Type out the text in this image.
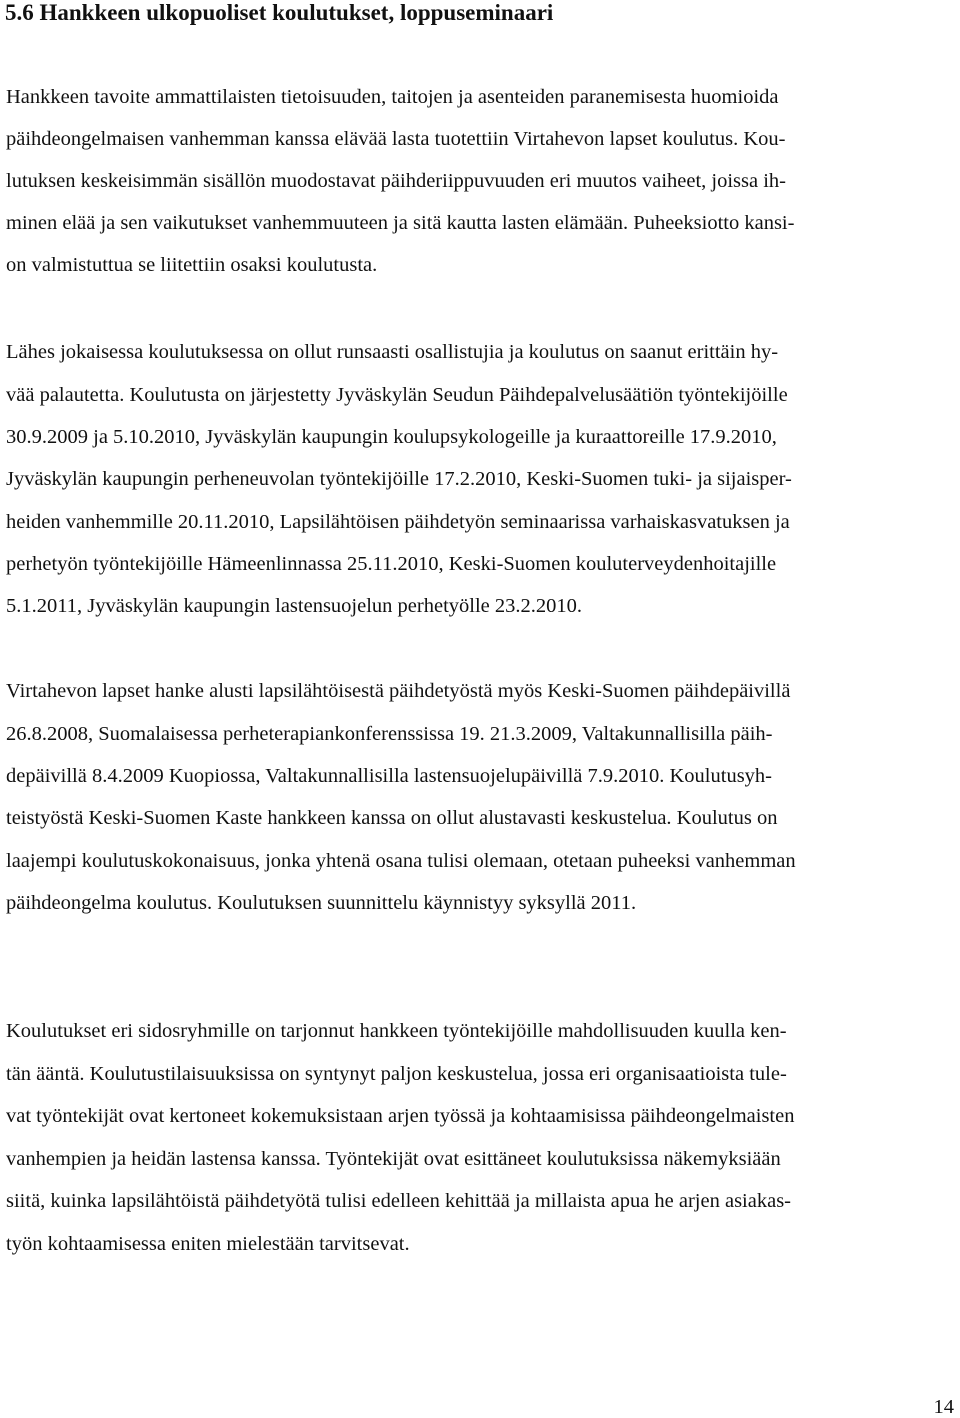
5.6 Hankkeen ulkopuoliset koulutukset, loppuseminaari

Hankkeen tavoite ammattilaisten tietoisuuden, taitojen ja asenteiden paranemisesta huomioida

päihdeongelmaisen vanhemman kanssa elävää lasta tuotettiin Virtahevon lapset koulutus. Kou-

lutuksen keskeisimmän sisällön muodostavat päihderiippuvuuden eri muutos vaiheet, joissa ih-

minen elää ja sen vaikutukset vanhemmuuteen ja sitä kautta lasten elämään. Puheeksiotto kansi-

on valmistuttua se liitettiin osaksi koulutusta.

Lähes jokaisessa koulutuksessa on ollut runsaasti osallistujia ja koulutus on saanut erittäin hy-

vää palautetta. Koulutusta on järjestetty Jyväskylän Seudun Päihdepalvelusäätiön työntekijöille

30.9.2009 ja 5.10.2010, Jyväskylän kaupungin koulupsykologeille ja kuraattoreille 17.9.2010,

Jyväskylän kaupungin perheneuvolan työntekijöille 17.2.2010, Keski-Suomen tuki- ja sijaisper-

heiden vanhemmille 20.11.2010, Lapsilähtöisen päihdetyön seminaarissa varhaiskasvatuksen ja

perhetyön työntekijöille Hämeenlinnassa 25.11.2010, Keski-Suomen kouluterveydenhoitajille

5.1.2011, Jyväskylän kaupungin lastensuojelun perhetyölle 23.2.2010.

Virtahevon lapset hanke alusti lapsilähtöisestä päihdetyöstä myös Keski-Suomen päihdepäivillä

26.8.2008, Suomalaisessa perheterapiankonferenssissa 19. 21.3.2009, Valtakunnallisilla päih-

depäivillä 8.4.2009 Kuopiossa, Valtakunnallisilla lastensuojelupäivillä 7.9.2010. Koulutusyh-

teistyöstä Keski-Suomen Kaste hankkeen kanssa on ollut alustavasti keskustelua. Koulutus on

laajempi koulutuskokonaisuus, jonka yhtenä osana tulisi olemaan, otetaan puheeksi vanhemman

päihdeongelma koulutus. Koulutuksen suunnittelu käynnistyy syksyllä 2011.

Koulutukset eri sidosryhmille on tarjonnut hankkeen työntekijöille mahdollisuuden kuulla ken-

tän ääntä. Koulutustilaisuuksissa on syntynyt paljon keskustelua, jossa eri organisaatioista tule-

vat työntekijät ovat kertoneet kokemuksistaan arjen työssä ja kohtaamisissa päihdeongelmaisten

vanhempien ja heidän lastensa kanssa. Työntekijät ovat esittäneet koulutuksissa näkemyksiään

siitä, kuinka lapsilähtöistä päihdetyötä tulisi edelleen kehittää ja millaista apua he arjen asiakas-

työn kohtaamisessa eniten mielestään tarvitsevat.

14
